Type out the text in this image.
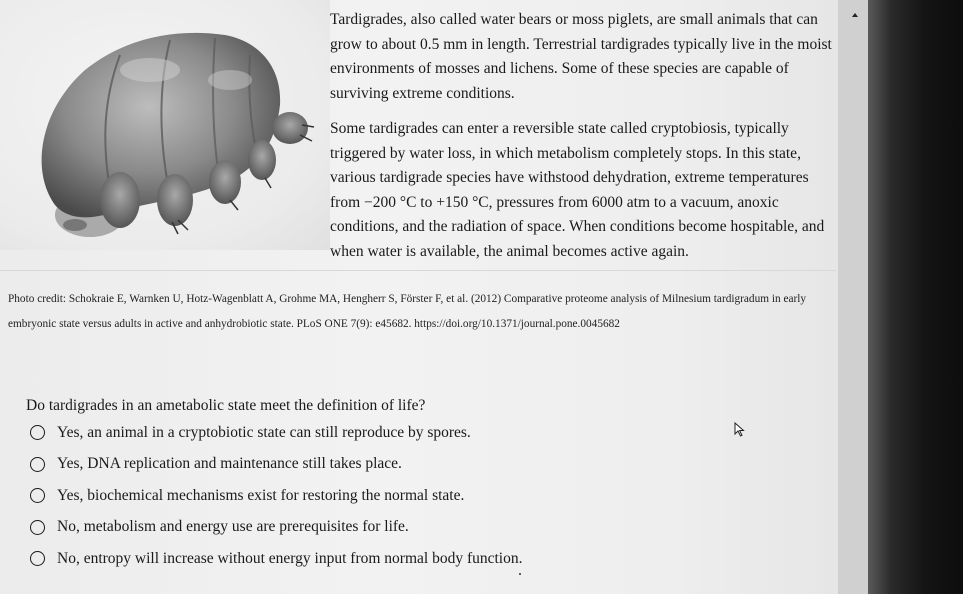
Tardigrades, also called water bears or moss piglets, are small animals that can grow to about 0.5 mm in length. Terrestrial tardigrades typically live in the moist environments of mosses and lichens. Some of these species are capable of surviving extreme conditions.

Some tardigrades can enter a reversible state called cryptobiosis, typically triggered by water loss, in which metabolism completely stops. In this state, various tardigrade species have withstood dehydration, extreme temperatures from −200 °C to +150 °C, pressures from 6000 atm to a vacuum, anoxic conditions, and the radiation of space. When conditions become hospitable, and when water is available, the animal becomes active again.

Photo credit: Schokraie E, Warnken U, Hotz-Wagenblatt A, Grohme MA, Hengherr S, Förster F, et al. (2012) Comparative proteome analysis of Milnesium tardigradum in early embryonic state versus adults in active and anhydrobiotic state. PLoS ONE 7(9): e45682. https://doi.org/10.1371/journal.pone.0045682

Do tardigrades in an ametabolic state meet the definition of life?

Yes, an animal in a cryptobiotic state can still reproduce by spores.
Yes, DNA replication and maintenance still takes place.
Yes, biochemical mechanisms exist for restoring the normal state.
No, metabolism and energy use are prerequisites for life.
No, entropy will increase without energy input from normal body function.
